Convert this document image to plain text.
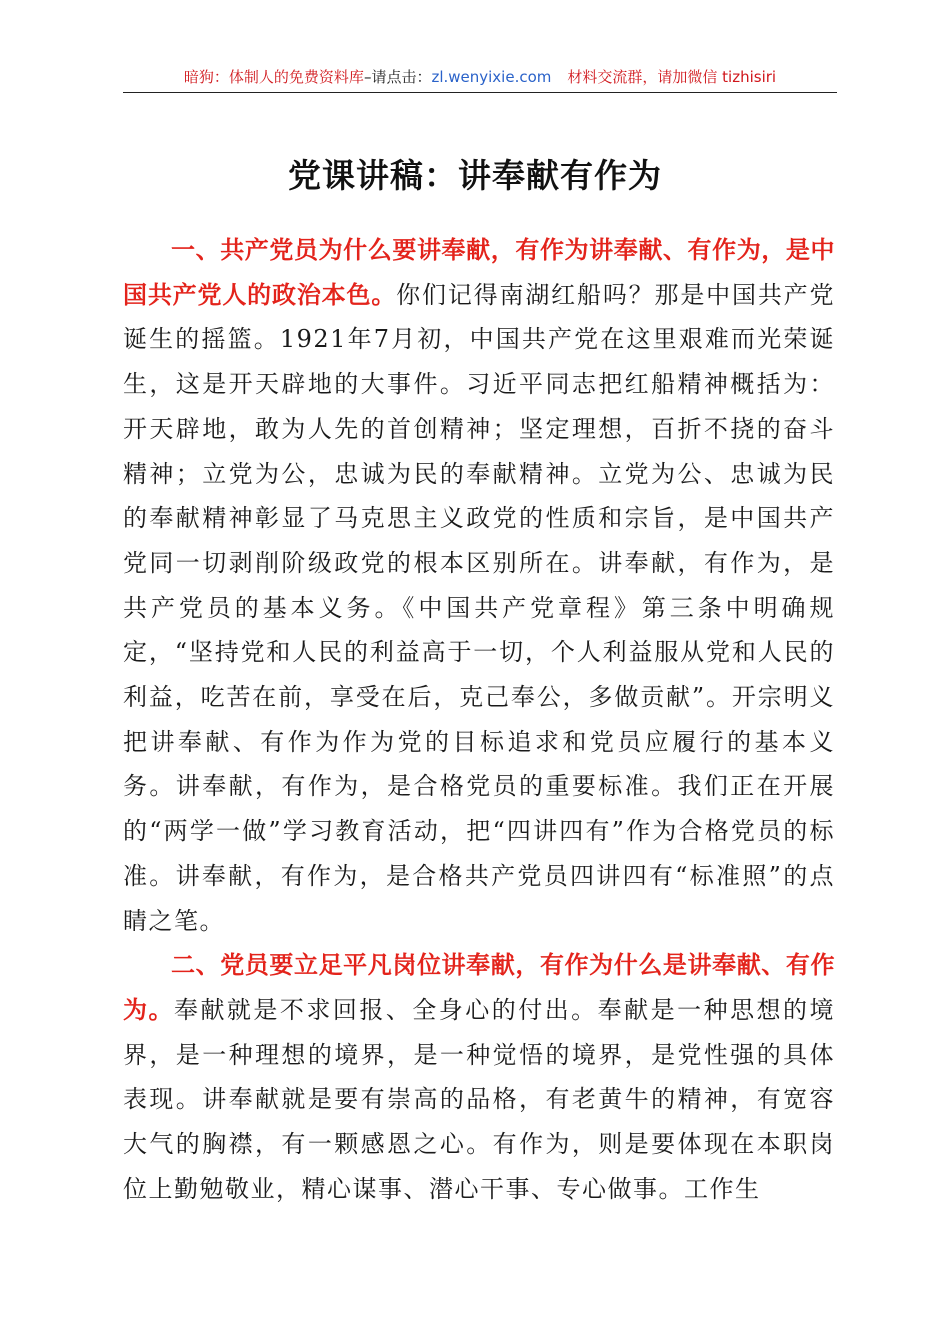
暗狗：体制人的免费资料库–请点击：zl.wenyixie.com 材料交流群，请加微信 tizhisiri
党课讲稿：讲奉献有作为

一、共产党员为什么要讲奉献，有作为讲奉献、有作为，是中国共产党人的政治本色。你们记得南湖红船吗？那是中国共产党诞生的摇篮。1921年7月初，中国共产党在这里艰难而光荣诞生，这是开天辟地的大事件。习近平同志把红船精神概括为：开天辟地，敢为人先的首创精神；坚定理想，百折不挠的奋斗精神；立党为公，忠诚为民的奉献精神。立党为公、忠诚为民的奉献精神彰显了马克思主义政党的性质和宗旨，是中国共产党同一切剥削阶级政党的根本区别所在。讲奉献，有作为，是共产党员的基本义务。《中国共产党章程》第三条中明确规定，“坚持党和人民的利益高于一切，个人利益服从党和人民的利益，吃苦在前，享受在后，克己奉公，多做贡献”。开宗明义把讲奉献、有作为作为党的目标追求和党员应履行的基本义务。讲奉献，有作为，是合格党员的重要标准。我们正在开展的“两学一做”学习教育活动，把“四讲四有”作为合格党员的标准。讲奉献，有作为，是合格共产党员四讲四有“标准照”的点睛之笔。

二、党员要立足平凡岗位讲奉献，有作为什么是讲奉献、有作为。奉献就是不求回报、全身心的付出。奉献是一种思想的境界，是一种理想的境界，是一种觉悟的境界，是党性强的具体表现。讲奉献就是要有崇高的品格，有老黄牛的精神，有宽容大气的胸襟，有一颗感恩之心。有作为，则是要体现在本职岗位上勤勉敬业，精心谋事、潜心干事、专心做事。工作生
